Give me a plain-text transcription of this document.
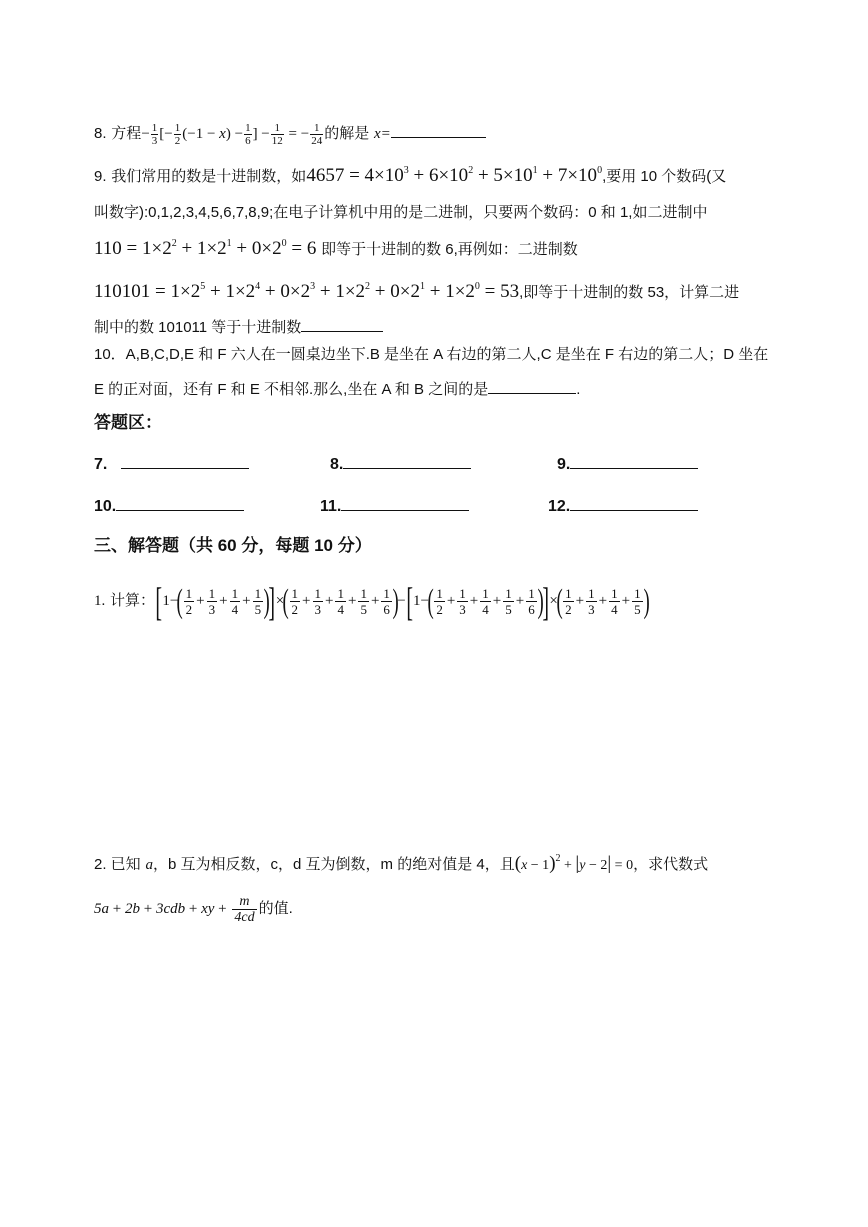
8. 方程− $\frac{1}{3}$ [− $\frac{1}{2} (-1 - x) - \frac{1}{6}$ ] − $\frac{1}{12}$ = − $\frac{1}{24}$ 的解是 x=
9. 我们常用的数是十进制数，如$4657 = 4\times 10^3 + 6\times 10^2 + 5\times 10^1 + 7\times 10^0$,要用 10 个数码(又
叫数字):0,1,2,3,4,5,6,7,8,9;在电子计算机中用的是二进制，只要两个数码：0 和 1,如二进制中
$110 = 1\times 2^2 + 1\times 2^1 + 0\times 2^0 = 6$ 即等于十进制的数 6,再例如：二进制数
$110101 = 1\times 2^5 + 1\times 2^4 + 0\times 2^3 + 1\times 2^2 + 0\times 2^1 + 1\times 2^0 = 53$,即等于十进制的数 53，计算二进
制中的数 101011 等于十进制数
10．A,B,C,D,E 和 F 六人在一圆桌边坐下.B 是坐在 A 右边的第二人,C 是坐在 F 右边的第二人；D 坐在
E 的正对面，还有 F 和 E 不相邻.那么,坐在 A 和 B 之间的是	.
答题区：
7.	8.	9.
10.	11.	12.
三、解答题（共 60 分，每题 10 分）
1. 计算：[$1-( \frac{1}{2} + \frac{1}{3} + \frac{1}{4} + \frac{1}{5}$ )]×( $\frac{1}{2} + \frac{1}{3} + \frac{1}{4} + \frac{1}{5} + \frac{1}{6} )-[1-( \frac{1}{2} + \frac{1}{3} + \frac{1}{4} + \frac{1}{5} + \frac{1}{6}$ )]×( $\frac{1}{2} + \frac{1}{3} + \frac{1}{4} + \frac{1}{5}$ )
2. 已知 a，b 互为相反数，c，d 互为倒数，m 的绝对值是 4，且$(x - 1)^2 + |y - 2| = 0$，求代数式
5a + 2b + 3cdb + xy + $\frac{m}{4cd}$ 的值.
